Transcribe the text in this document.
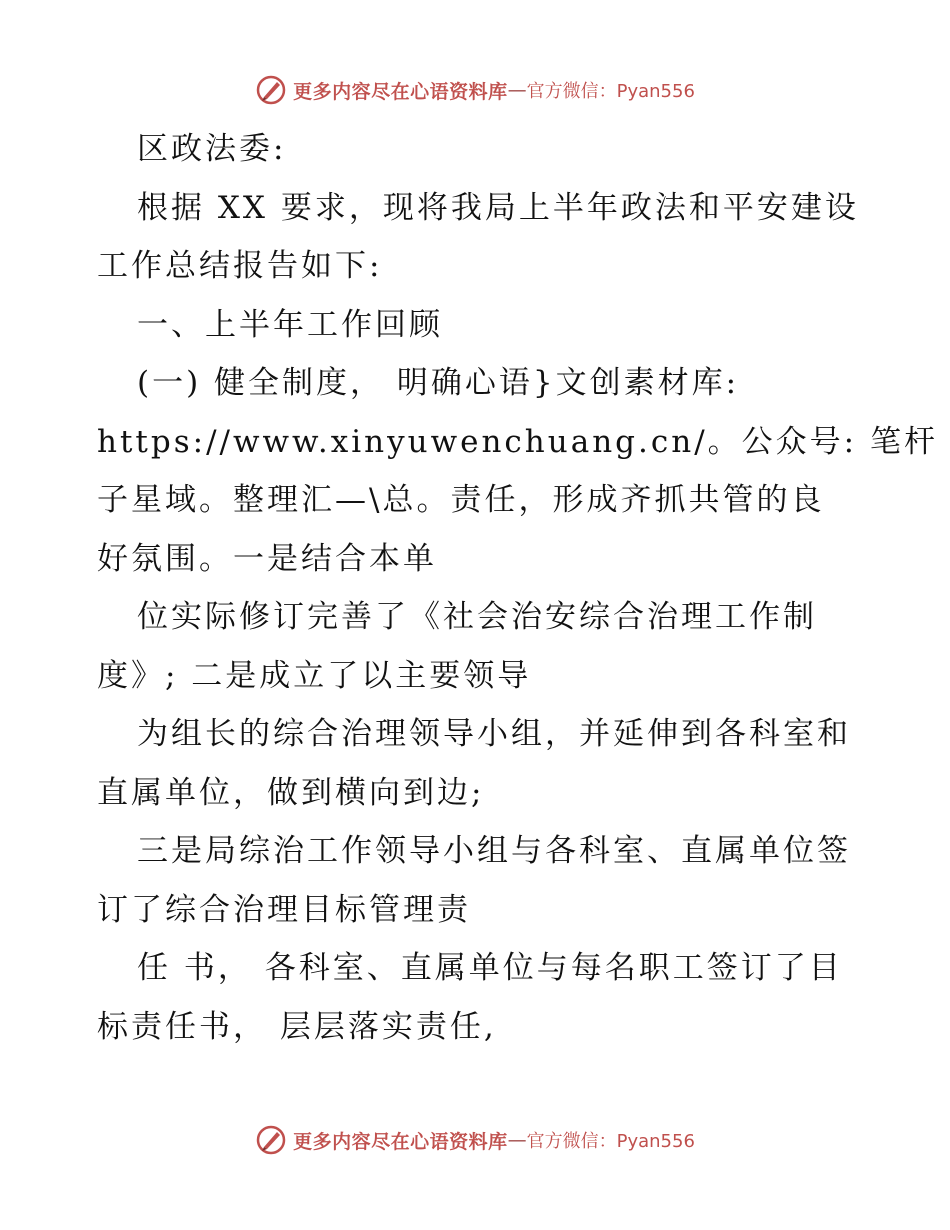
更多内容尽在心语资料库 — 官方微信：Pyan556
区政法委:
根据 XX 要求，现将我局上半年政法和平安建设
工作总结报告如下:
一、上半年工作回顾
(一) 健全制度， 明确心语}文创素材库:
https://www.xinyuwenchuang.cn/。公众号: 笔杆
子星域。整理汇—\总。责任，形成齐抓共管的良
好氛围。一是结合本单
位实际修订完善了《社会治安综合治理工作制
度》; 二是成立了以主要领导
为组长的综合治理领导小组，并延伸到各科室和
直属单位，做到横向到边;
三是局综治工作领导小组与各科室、直属单位签
订了综合治理目标管理责
任 书， 各科室、直属单位与每名职工签订了目
标责任书， 层层落实责任,
更多内容尽在心语资料库 — 官方微信：Pyan556
